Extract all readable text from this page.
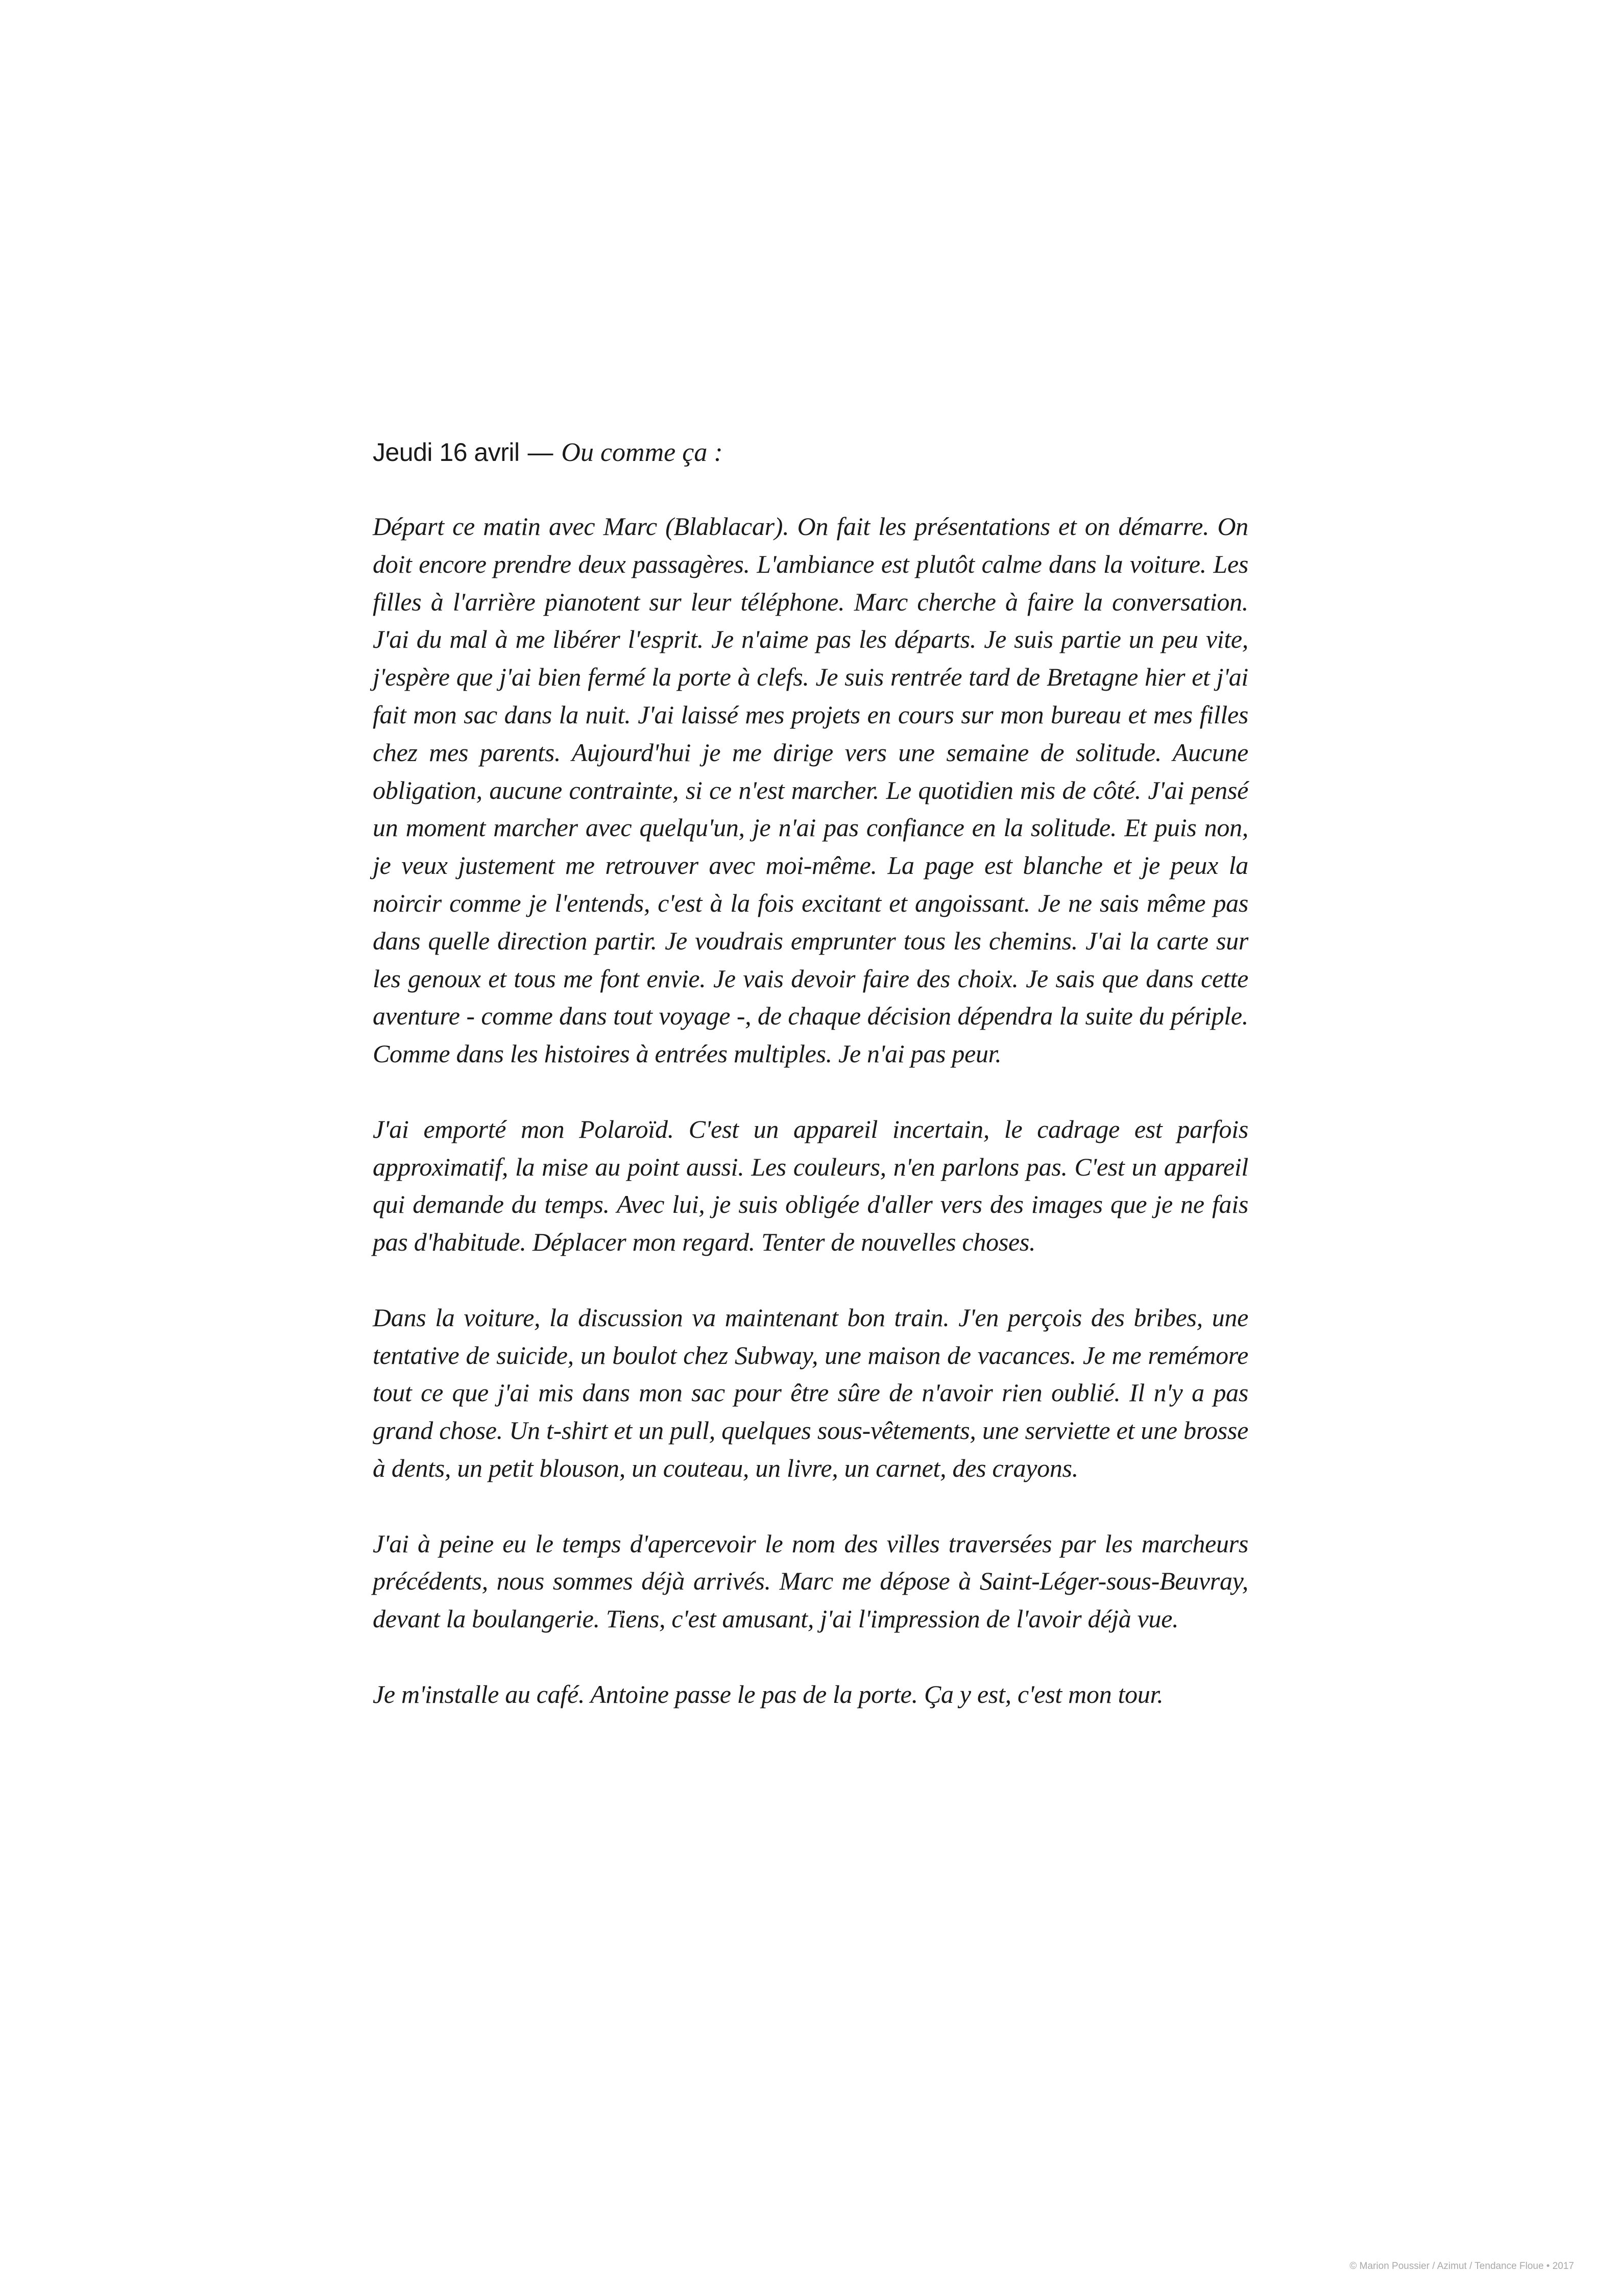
Jeudi 16 avril — Ou comme ça :

Départ ce matin avec Marc (Blablacar). On fait les présentations et on démarre. On doit encore prendre deux passagères. L'ambiance est plutôt calme dans la voiture. Les filles à l'arrière pianotent sur leur téléphone. Marc cherche à faire la conversation. J'ai du mal à me libérer l'esprit. Je n'aime pas les départs. Je suis partie un peu vite, j'espère que j'ai bien fermé la porte à clefs. Je suis rentrée tard de Bretagne hier et j'ai fait mon sac dans la nuit. J'ai laissé mes projets en cours sur mon bureau et mes filles chez mes parents. Aujourd'hui je me dirige vers une semaine de solitude. Aucune obligation, aucune contrainte, si ce n'est marcher. Le quotidien mis de côté. J'ai pensé un moment marcher avec quelqu'un, je n'ai pas confiance en la solitude. Et puis non, je veux justement me retrouver avec moi-même. La page est blanche et je peux la noircir comme je l'entends, c'est à la fois excitant et angoissant. Je ne sais même pas dans quelle direction partir. Je voudrais emprunter tous les chemins. J'ai la carte sur les genoux et tous me font envie. Je vais devoir faire des choix. Je sais que dans cette aventure - comme dans tout voyage -, de chaque décision dépendra la suite du périple. Comme dans les histoires à entrées multiples. Je n'ai pas peur.

J'ai emporté mon Polaroïd. C'est un appareil incertain, le cadrage est parfois approximatif, la mise au point aussi. Les couleurs, n'en parlons pas. C'est un appareil qui demande du temps. Avec lui, je suis obligée d'aller vers des images que je ne fais pas d'habitude. Déplacer mon regard. Tenter de nouvelles choses.

Dans la voiture, la discussion va maintenant bon train. J'en perçois des bribes, une tentative de suicide, un boulot chez Subway, une maison de vacances. Je me remémore tout ce que j'ai mis dans mon sac pour être sûre de n'avoir rien oublié. Il n'y a pas grand chose. Un t-shirt et un pull, quelques sous-vêtements, une serviette et une brosse à dents, un petit blouson, un couteau, un livre, un carnet, des crayons.

J'ai à peine eu le temps d'apercevoir le nom des villes traversées par les marcheurs précédents, nous sommes déjà arrivés. Marc me dépose à Saint-Léger-sous-Beuvray, devant la boulangerie. Tiens, c'est amusant, j'ai l'impression de l'avoir déjà vue.

Je m'installe au café. Antoine passe le pas de la porte. Ça y est, c'est mon tour.

© Marion Poussier / Azimut / Tendance Floue • 2017
